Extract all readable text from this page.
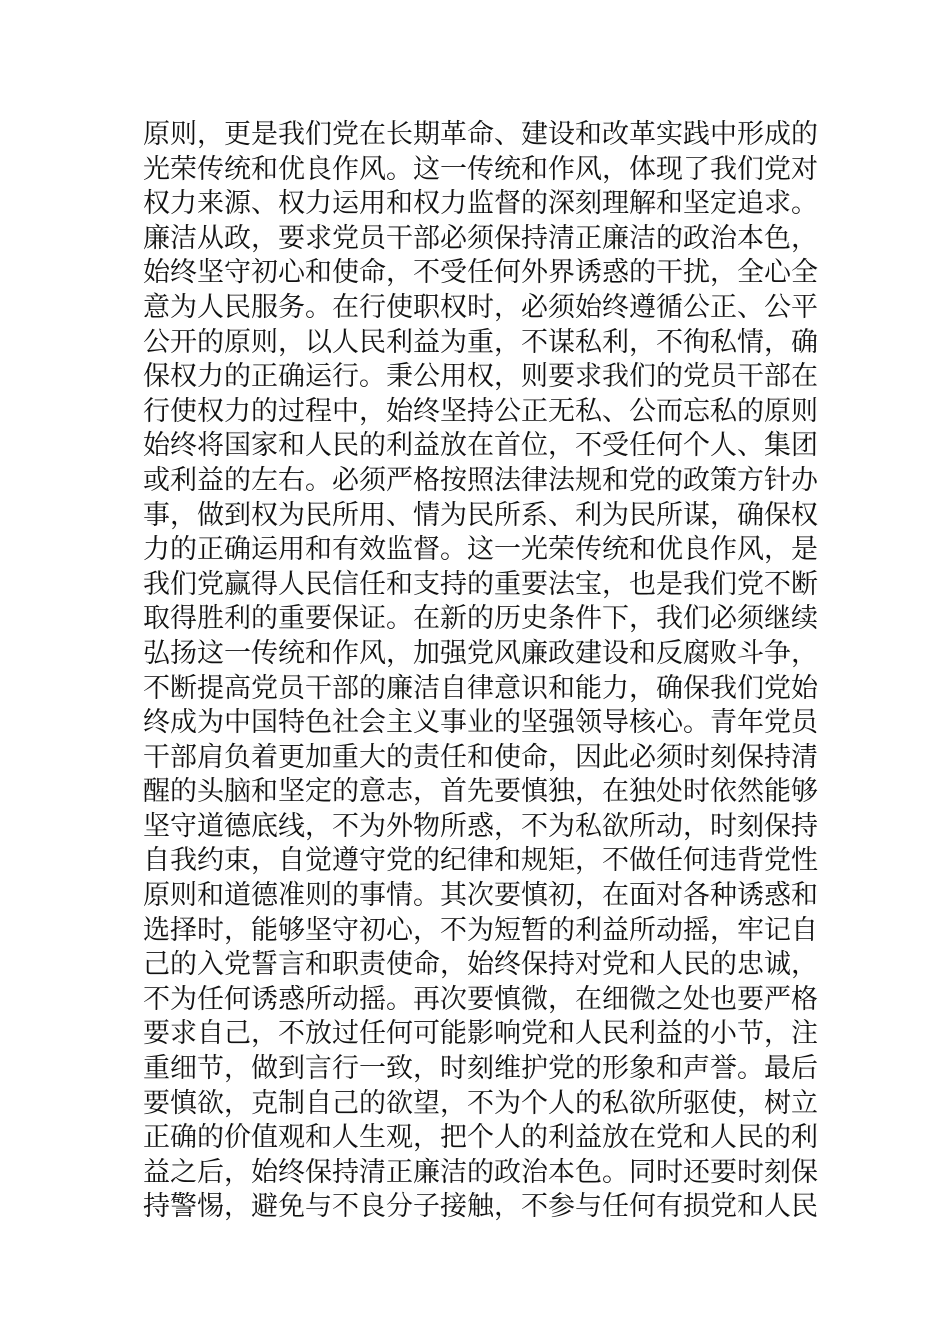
原则，更是我们党在长期革命、建设和改革实践中形成的
光荣传统和优良作风。这一传统和作风，体现了我们党对
权力来源、权力运用和权力监督的深刻理解和坚定追求。
廉洁从政，要求党员干部必须保持清正廉洁的政治本色，
始终坚守初心和使命，不受任何外界诱惑的干扰，全心全
意为人民服务。在行使职权时，必须始终遵循公正、公平
公开的原则，以人民利益为重，不谋私利，不徇私情，确
保权力的正确运行。秉公用权，则要求我们的党员干部在
行使权力的过程中，始终坚持公正无私、公而忘私的原则
始终将国家和人民的利益放在首位，不受任何个人、集团
或利益的左右。必须严格按照法律法规和党的政策方针办
事，做到权为民所用、情为民所系、利为民所谋，确保权
力的正确运用和有效监督。这一光荣传统和优良作风，是
我们党赢得人民信任和支持的重要法宝，也是我们党不断
取得胜利的重要保证。在新的历史条件下，我们必须继续
弘扬这一传统和作风，加强党风廉政建设和反腐败斗争，
不断提高党员干部的廉洁自律意识和能力，确保我们党始
终成为中国特色社会主义事业的坚强领导核心。青年党员
干部肩负着更加重大的责任和使命，因此必须时刻保持清
醒的头脑和坚定的意志，首先要慎独，在独处时依然能够
坚守道德底线，不为外物所惑，不为私欲所动，时刻保持
自我约束，自觉遵守党的纪律和规矩，不做任何违背党性
原则和道德准则的事情。其次要慎初，在面对各种诱惑和
选择时，能够坚守初心，不为短暂的利益所动摇，牢记自
己的入党誓言和职责使命，始终保持对党和人民的忠诚，
不为任何诱惑所动摇。再次要慎微，在细微之处也要严格
要求自己，不放过任何可能影响党和人民利益的小节，注
重细节，做到言行一致，时刻维护党的形象和声誉。最后
要慎欲，克制自己的欲望，不为个人的私欲所驱使，树立
正确的价值观和人生观，把个人的利益放在党和人民的利
益之后，始终保持清正廉洁的政治本色。同时还要时刻保
持警惕，避免与不良分子接触，不参与任何有损党和人民
